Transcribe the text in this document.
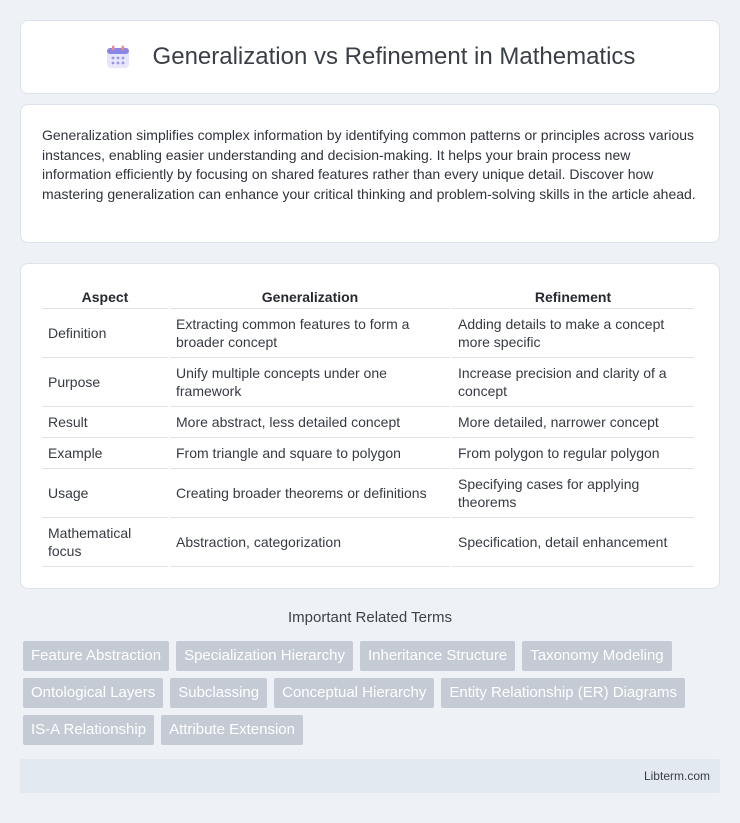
Generalization vs Refinement in Mathematics

Generalization simplifies complex information by identifying common patterns or principles across various instances, enabling easier understanding and decision-making. It helps your brain process new information efficiently by focusing on shared features rather than every unique detail. Discover how mastering generalization can enhance your critical thinking and problem-solving skills in the article ahead.

Aspect	Generalization	Refinement
Definition	Extracting common features to form a broader concept	Adding details to make a concept more specific
Purpose	Unify multiple concepts under one framework	Increase precision and clarity of a concept
Result	More abstract, less detailed concept	More detailed, narrower concept
Example	From triangle and square to polygon	From polygon to regular polygon
Usage	Creating broader theorems or definitions	Specifying cases for applying theorems
Mathematical focus	Abstraction, categorization	Specification, detail enhancement
Important Related Terms
Feature Abstraction	Specialization Hierarchy	Inheritance Structure	Taxonomy Modeling
Ontological Layers	Subclassing	Conceptual Hierarchy	Entity Relationship (ER) Diagrams
IS-A Relationship	Attribute Extension
Libterm.com
